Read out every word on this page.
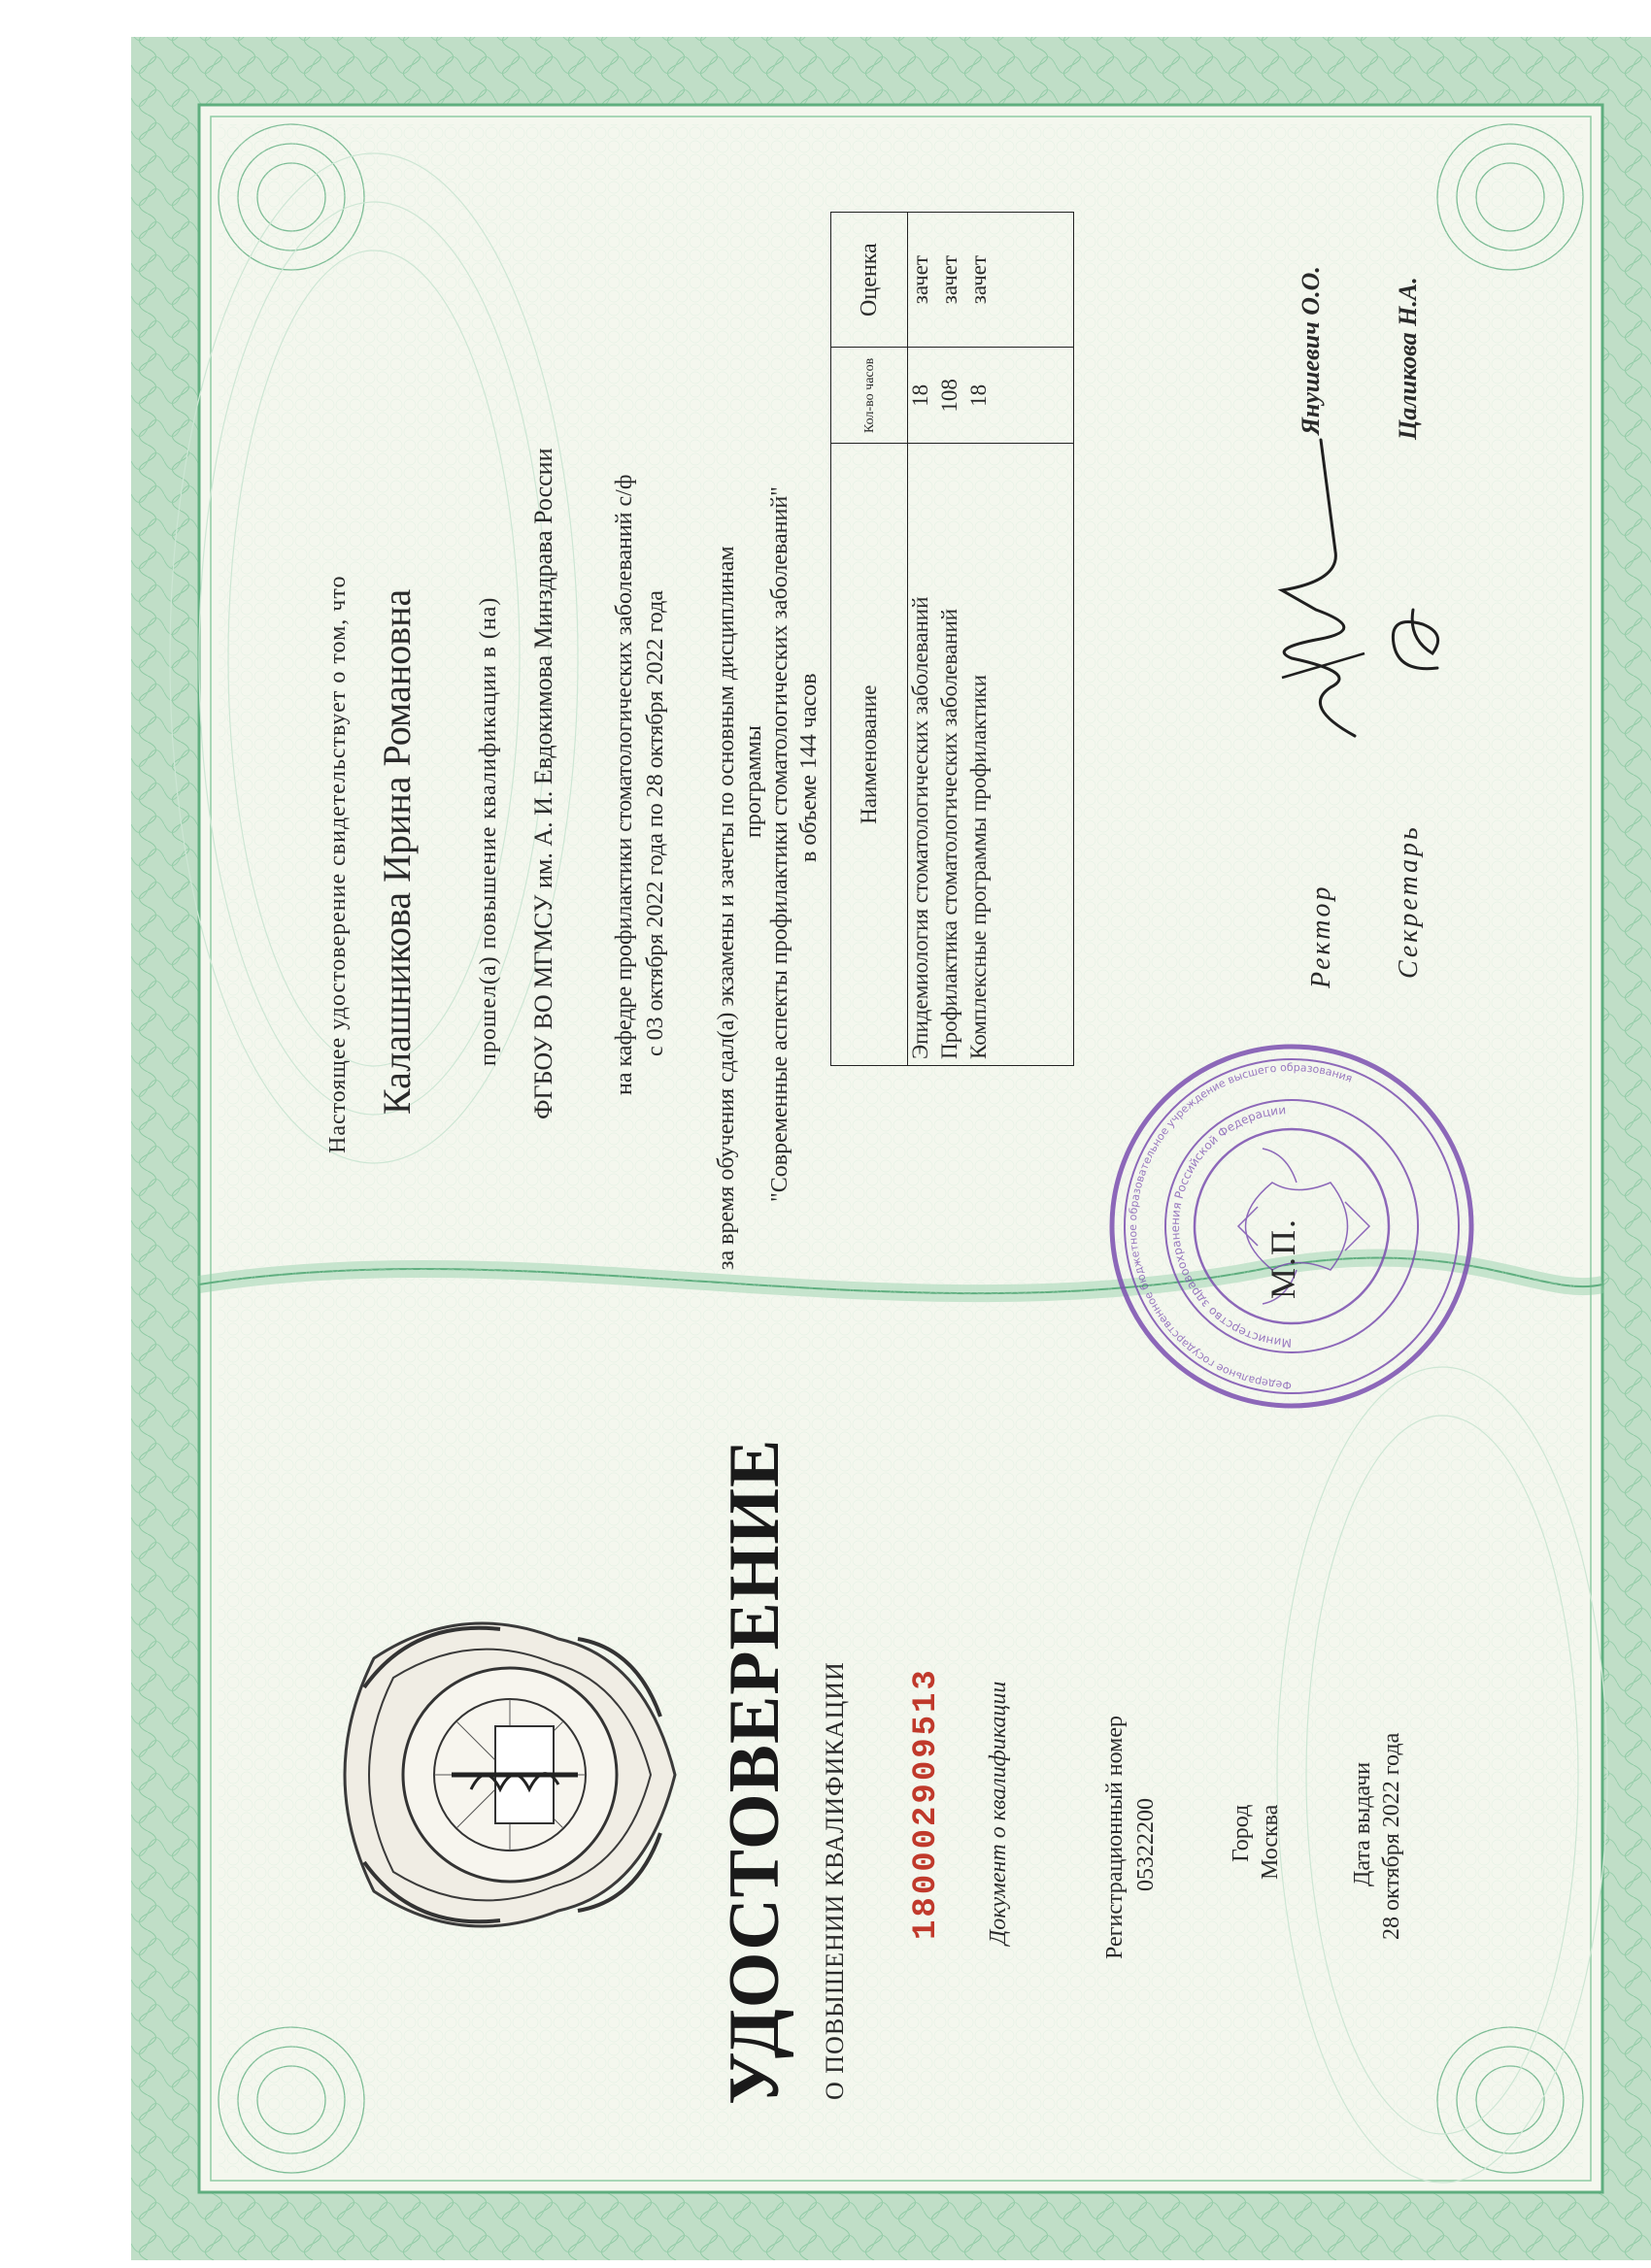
УДОСТОВЕРЕНИЕ О ПОВЫШЕНИИ КВАЛИФИКАЦИИ 180002909513 Документ о квалификации	Регистрационный номер 05322200	Город Москва	Дата выдачи 28 октября 2022 года
Настоящее удостоверение свидетельствует о том, что Калашникова Ирина Романовна прошел(а) повышение квалификации в (на) ФГБОУ ВО МГМСУ им. А. И. Евдокимова Минздрава России на кафедре профилактики стоматологических заболеваний с/ф с 03 октября 2022 года по 28 октября 2022 года за время обучения сдал(а) экзамены и зачеты по основным дисциплинам программы "Современные аспекты профилактики стоматологических заболеваний" в объеме 144 часов Наименование	Кол-во часов	Оценка
Эпидемиология стоматологических заболеваний	18	зачет
Профилактика стоматологических заболеваний	108	зачет
Комплексные программы профилактики	18	зачет
Федеральное государственное бюджетное образовательное учреждение высшего образования
Министерство здравоохранения Российской Федерации
М.П.
Ректор
Янушевич О.О.
Секретарь
Цаликова Н.А.
